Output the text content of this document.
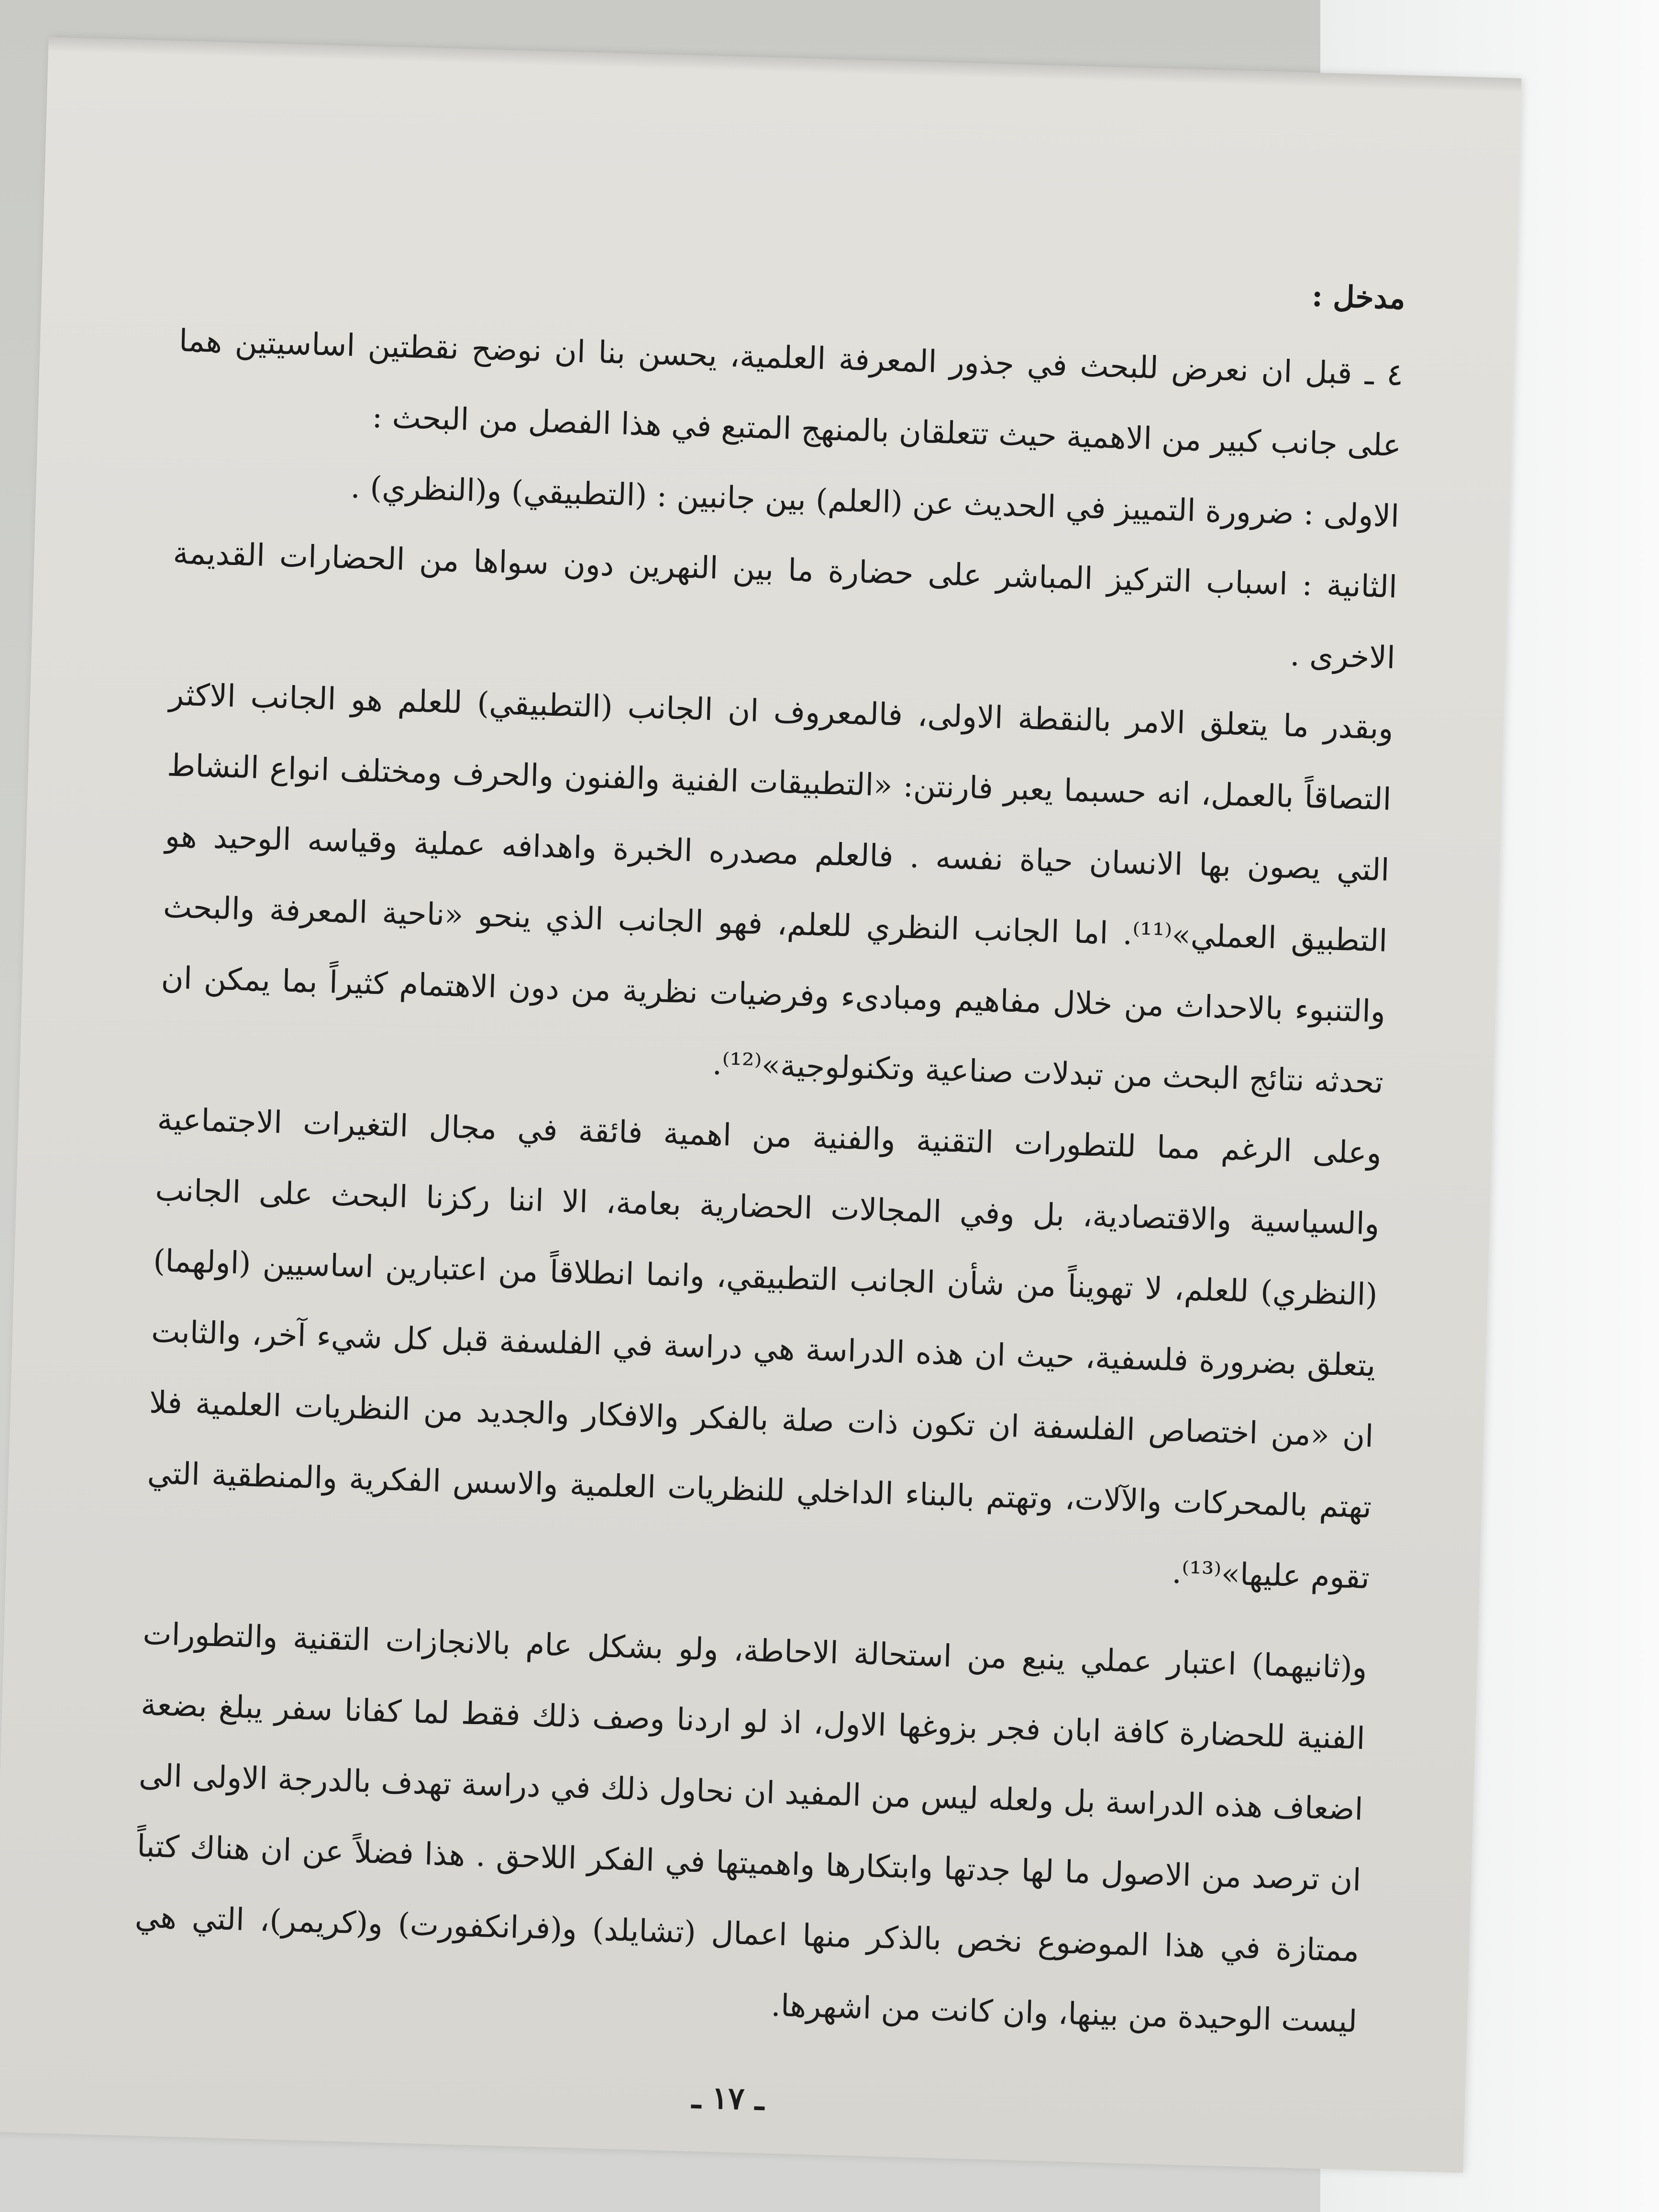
مدخل :

٤ ـ قبل ان نعرض للبحث في جذور المعرفة العلمية، يحسن بنا ان نوضح نقطتين اساسيتين هما على جانب كبير من الاهمية حيث تتعلقان بالمنهج المتبع في هذا الفصل من البحث :

الاولى : ضرورة التمييز في الحديث عن (العلم) بين جانبين : (التطبيقي) و(النظري) .

الثانية : اسباب التركيز المباشر على حضارة ما بين النهرين دون سواها من الحضارات القديمة الاخرى .

وبقدر ما يتعلق الامر بالنقطة الاولى، فالمعروف ان الجانب (التطبيقي) للعلم هو الجانب الاكثر التصاقاً بالعمل، انه حسبما يعبر فارنتن: «التطبيقات الفنية والفنون والحرف ومختلف انواع النشاط التي يصون بها الانسان حياة نفسه . فالعلم مصدره الخبرة واهدافه عملية وقياسه الوحيد هو التطبيق العملي»⁽¹¹⁾. اما الجانب النظري للعلم، فهو الجانب الذي ينحو «ناحية المعرفة والبحث والتنبوء بالاحداث من خلال مفاهيم ومبادىء وفرضيات نظرية من دون الاهتمام كثيراً بما يمكن ان تحدثه نتائج البحث من تبدلات صناعية وتكنولوجية»⁽¹²⁾.

وعلى الرغم مما للتطورات التقنية والفنية من اهمية فائقة في مجال التغيرات الاجتماعية والسياسية والاقتصادية، بل وفي المجالات الحضارية بعامة، الا اننا ركزنا البحث على الجانب (النظري) للعلم، لا تهويناً من شأن الجانب التطبيقي، وانما انطلاقاً من اعتبارين اساسيين (اولهما) يتعلق بضرورة فلسفية، حيث ان هذه الدراسة هي دراسة في الفلسفة قبل كل شيء آخر، والثابت ان «من اختصاص الفلسفة ان تكون ذات صلة بالفكر والافكار والجديد من النظريات العلمية فلا تهتم بالمحركات والآلات، وتهتم بالبناء الداخلي للنظريات العلمية والاسس الفكرية والمنطقية التي تقوم عليها»⁽¹³⁾.

و(ثانيهما) اعتبار عملي ينبع من استحالة الاحاطة، ولو بشكل عام بالانجازات التقنية والتطورات الفنية للحضارة كافة ابان فجر بزوغها الاول، اذ لو اردنا وصف ذلك فقط لما كفانا سفر يبلغ بضعة اضعاف هذه الدراسة بل ولعله ليس من المفيد ان نحاول ذلك في دراسة تهدف بالدرجة الاولى الى ان ترصد من الاصول ما لها جدتها وابتكارها واهميتها في الفكر اللاحق . هذا فضلاً عن ان هناك كتباً ممتازة في هذا الموضوع نخص بالذكر منها اعمال (تشايلد) و(فرانكفورت) و(كريمر)، التي هي ليست الوحيدة من بينها، وان كانت من اشهرها.

ـ ١٧ ـ
